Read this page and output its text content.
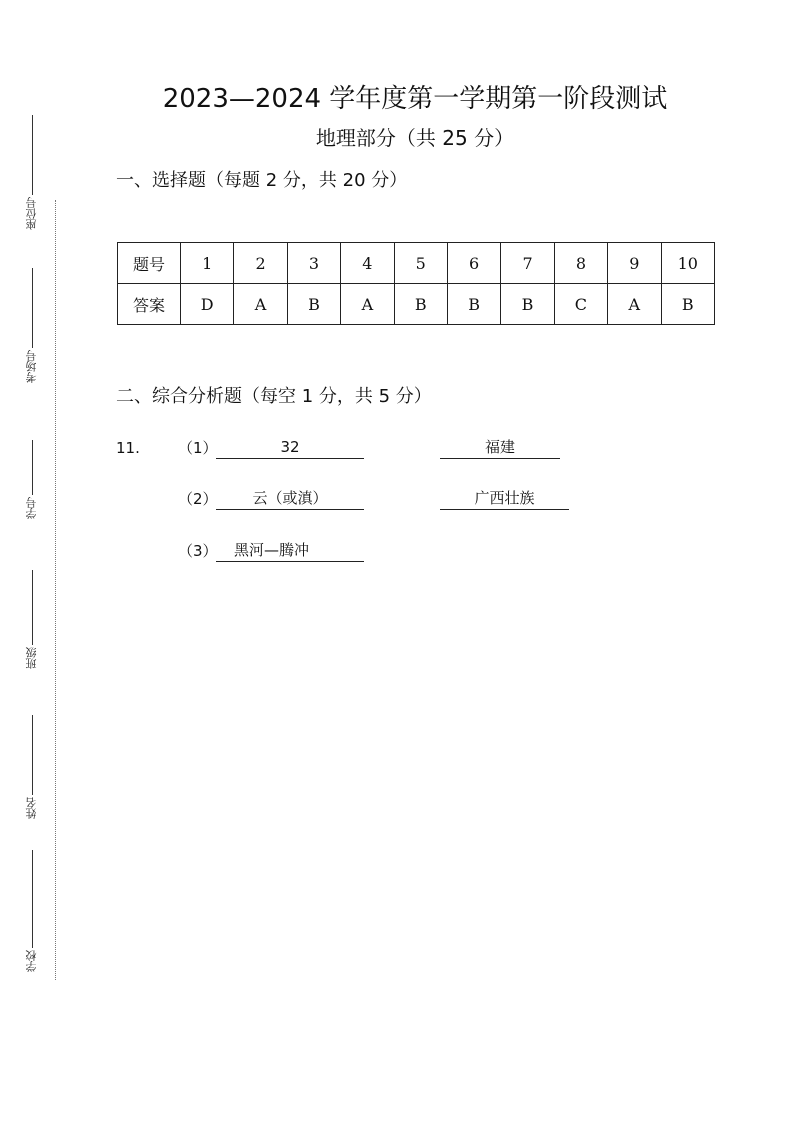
座位号
考场号
学号
班级
姓名
学校
2023—2024 学年度第一学期第一阶段测试
地理部分（共 25 分）
一、选择题（每题 2 分，共 20 分）
题号	1	2	3	4	5	6	7	8	9	10
答案	D	A	B	A	B	B	B	C	A	B
二、综合分析题（每空 1 分，共 5 分）
11.	（1）	32	福建
（2）	云（或滇）	广西壮族
（3）	黑河—腾冲
